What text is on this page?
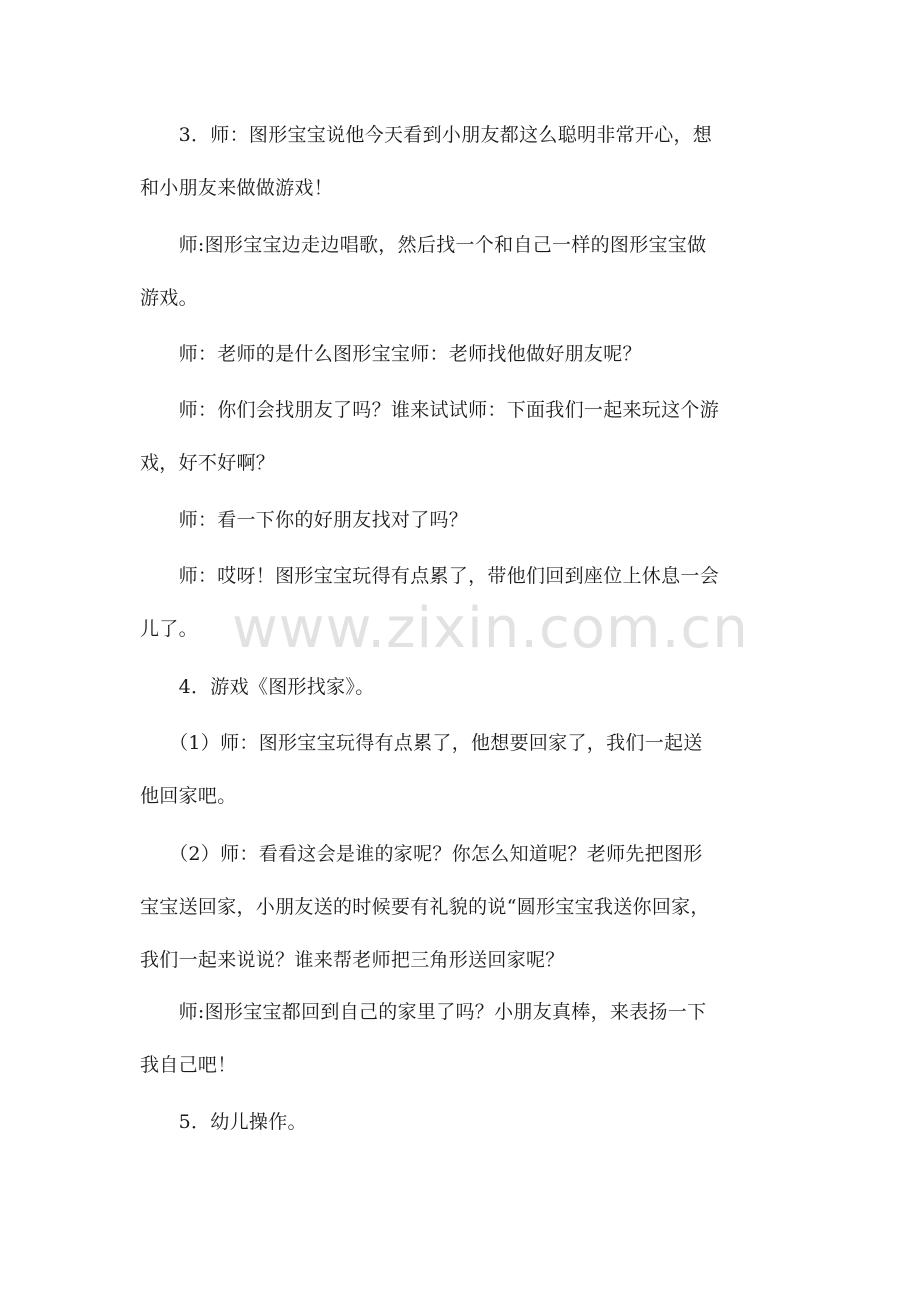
　　3．师：图形宝宝说他今天看到小朋友都这么聪明非常开心，想
和小朋友来做做游戏！
　　师:图形宝宝边走边唱歌，然后找一个和自己一样的图形宝宝做
游戏。
　　师：老师的是什么图形宝宝师：老师找他做好朋友呢？
　　师：你们会找朋友了吗？谁来试试师：下面我们一起来玩这个游
戏，好不好啊？
　　师：看一下你的好朋友找对了吗？
　　师：哎呀！图形宝宝玩得有点累了，带他们回到座位上休息一会
儿了。
　　4．游戏《图形找家》。
　　（1）师：图形宝宝玩得有点累了，他想要回家了，我们一起送
他回家吧。
　　（2）师：看看这会是谁的家呢？你怎么知道呢？老师先把图形
宝宝送回家，小朋友送的时候要有礼貌的说“圆形宝宝我送你回家，
我们一起来说说？谁来帮老师把三角形送回家呢？
　　师:图形宝宝都回到自己的家里了吗？小朋友真棒，来表扬一下
我自己吧！
　　5．幼儿操作。
www.zixin.com.cn
